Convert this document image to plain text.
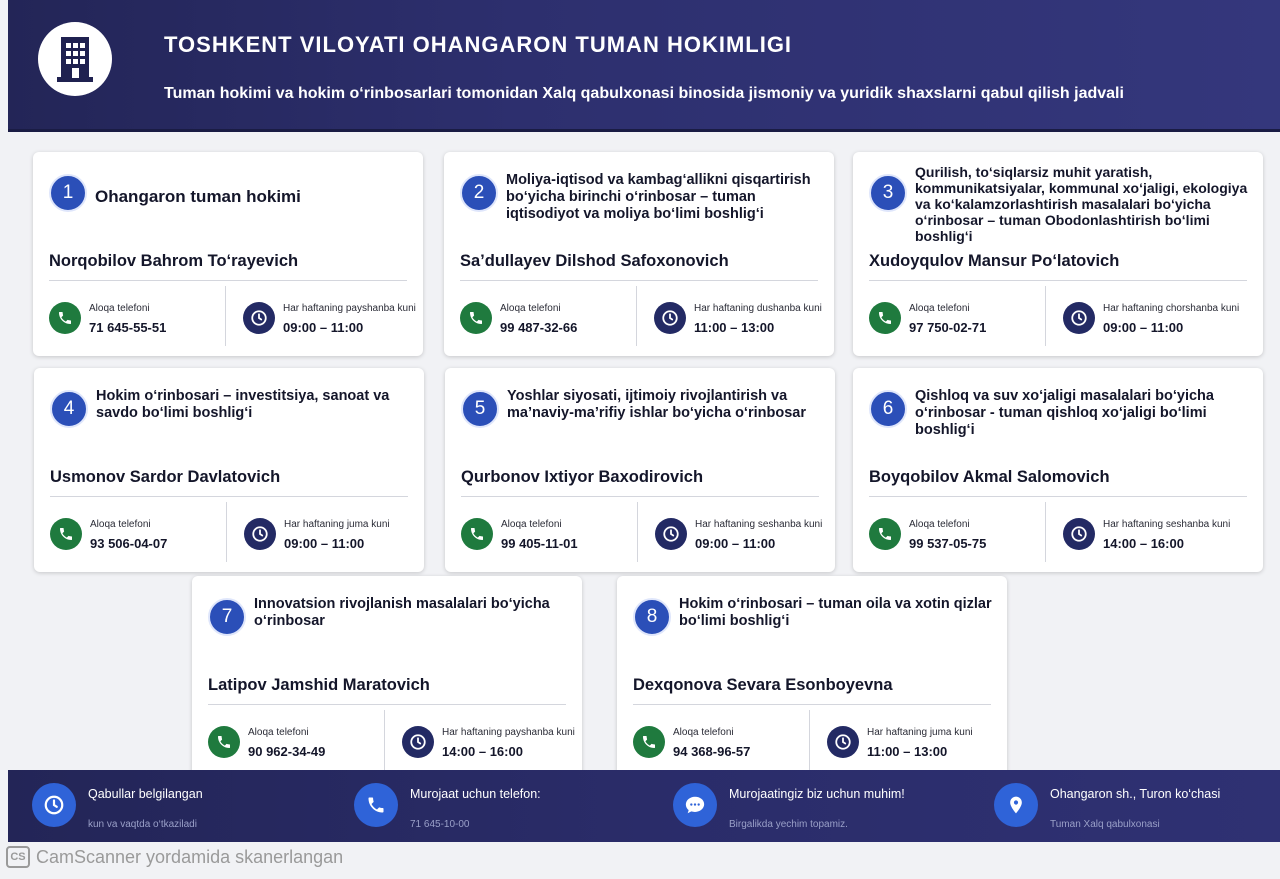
TOSHKENT VILOYATI OHANGARON TUMAN HOKIMLIGI
Tuman hokimi va hokim o‘rinbosarlari tomonidan Xalq qabulxonasi binosida jismoniy va yuridik shaxslarni qabul qilish jadvali
1	Ohangaron tuman hokimi
Norqobilov Bahrom To‘rayevich
Aloqa telefoni
71 645-55-51
Har haftaning payshanba kuni
09:00 – 11:00
2
Moliya-iqtisod va kambag‘allikni qisqartirish bo‘yicha birinchi o‘rinbosar – tuman iqtisodiyot va moliya bo‘limi boshlig‘i
Sa’dullayev Dilshod Safoxonovich
Aloqa telefoni
99 487-32-66
Har haftaning dushanba kuni
11:00 – 13:00
3
Qurilish, to‘siqlarsiz muhit yaratish, kommunikatsiyalar, kommunal xo‘jaligi, ekologiya va ko‘kalamzorlashtirish masalalari bo‘yicha o‘rinbosar – tuman Obodonlashtirish bo‘limi boshlig‘i
Xudoyqulov Mansur Po‘latovich
Aloqa telefoni
97 750-02-71
Har haftaning chorshanba kuni
09:00 – 11:00
4
Hokim o‘rinbosari – investitsiya, sanoat va savdo bo‘limi boshlig‘i
Usmonov Sardor Davlatovich
Aloqa telefoni
93 506-04-07
Har haftaning juma kuni
09:00 – 11:00
5
Yoshlar siyosati, ijtimoiy rivojlantirish va ma’naviy-ma’rifiy ishlar bo‘yicha o‘rinbosar
Qurbonov Ixtiyor Baxodirovich
Aloqa telefoni
99 405-11-01
Har haftaning seshanba kuni
09:00 – 11:00
6
Qishloq va suv xo‘jaligi masalalari bo‘yicha o‘rinbosar - tuman qishloq xo‘jaligi bo‘limi boshlig‘i
Boyqobilov Akmal Salomovich
Aloqa telefoni
99 537-05-75
Har haftaning seshanba kuni
14:00 – 16:00
7
Innovatsion rivojlanish masalalari bo‘yicha o‘rinbosar
Latipov Jamshid Maratovich
Aloqa telefoni
90 962-34-49
Har haftaning payshanba kuni
14:00 – 16:00
8
Hokim o‘rinbosari – tuman oila va xotin qizlar bo‘limi boshlig‘i
Dexqonova Sevara Esonboyevna
Aloqa telefoni
94 368-96-57
Har haftaning juma kuni
11:00 – 13:00
Qabullar belgilangan
kun va vaqtda o‘tkaziladi
Murojaat uchun telefon:
71 645-10-00
Murojaatingiz biz uchun muhim!
Birgalikda yechim topamiz.
Ohangaron sh., Turon ko‘chasi
Tuman Xalq qabulxonasi
CS CamScanner yordamida skanerlangan
